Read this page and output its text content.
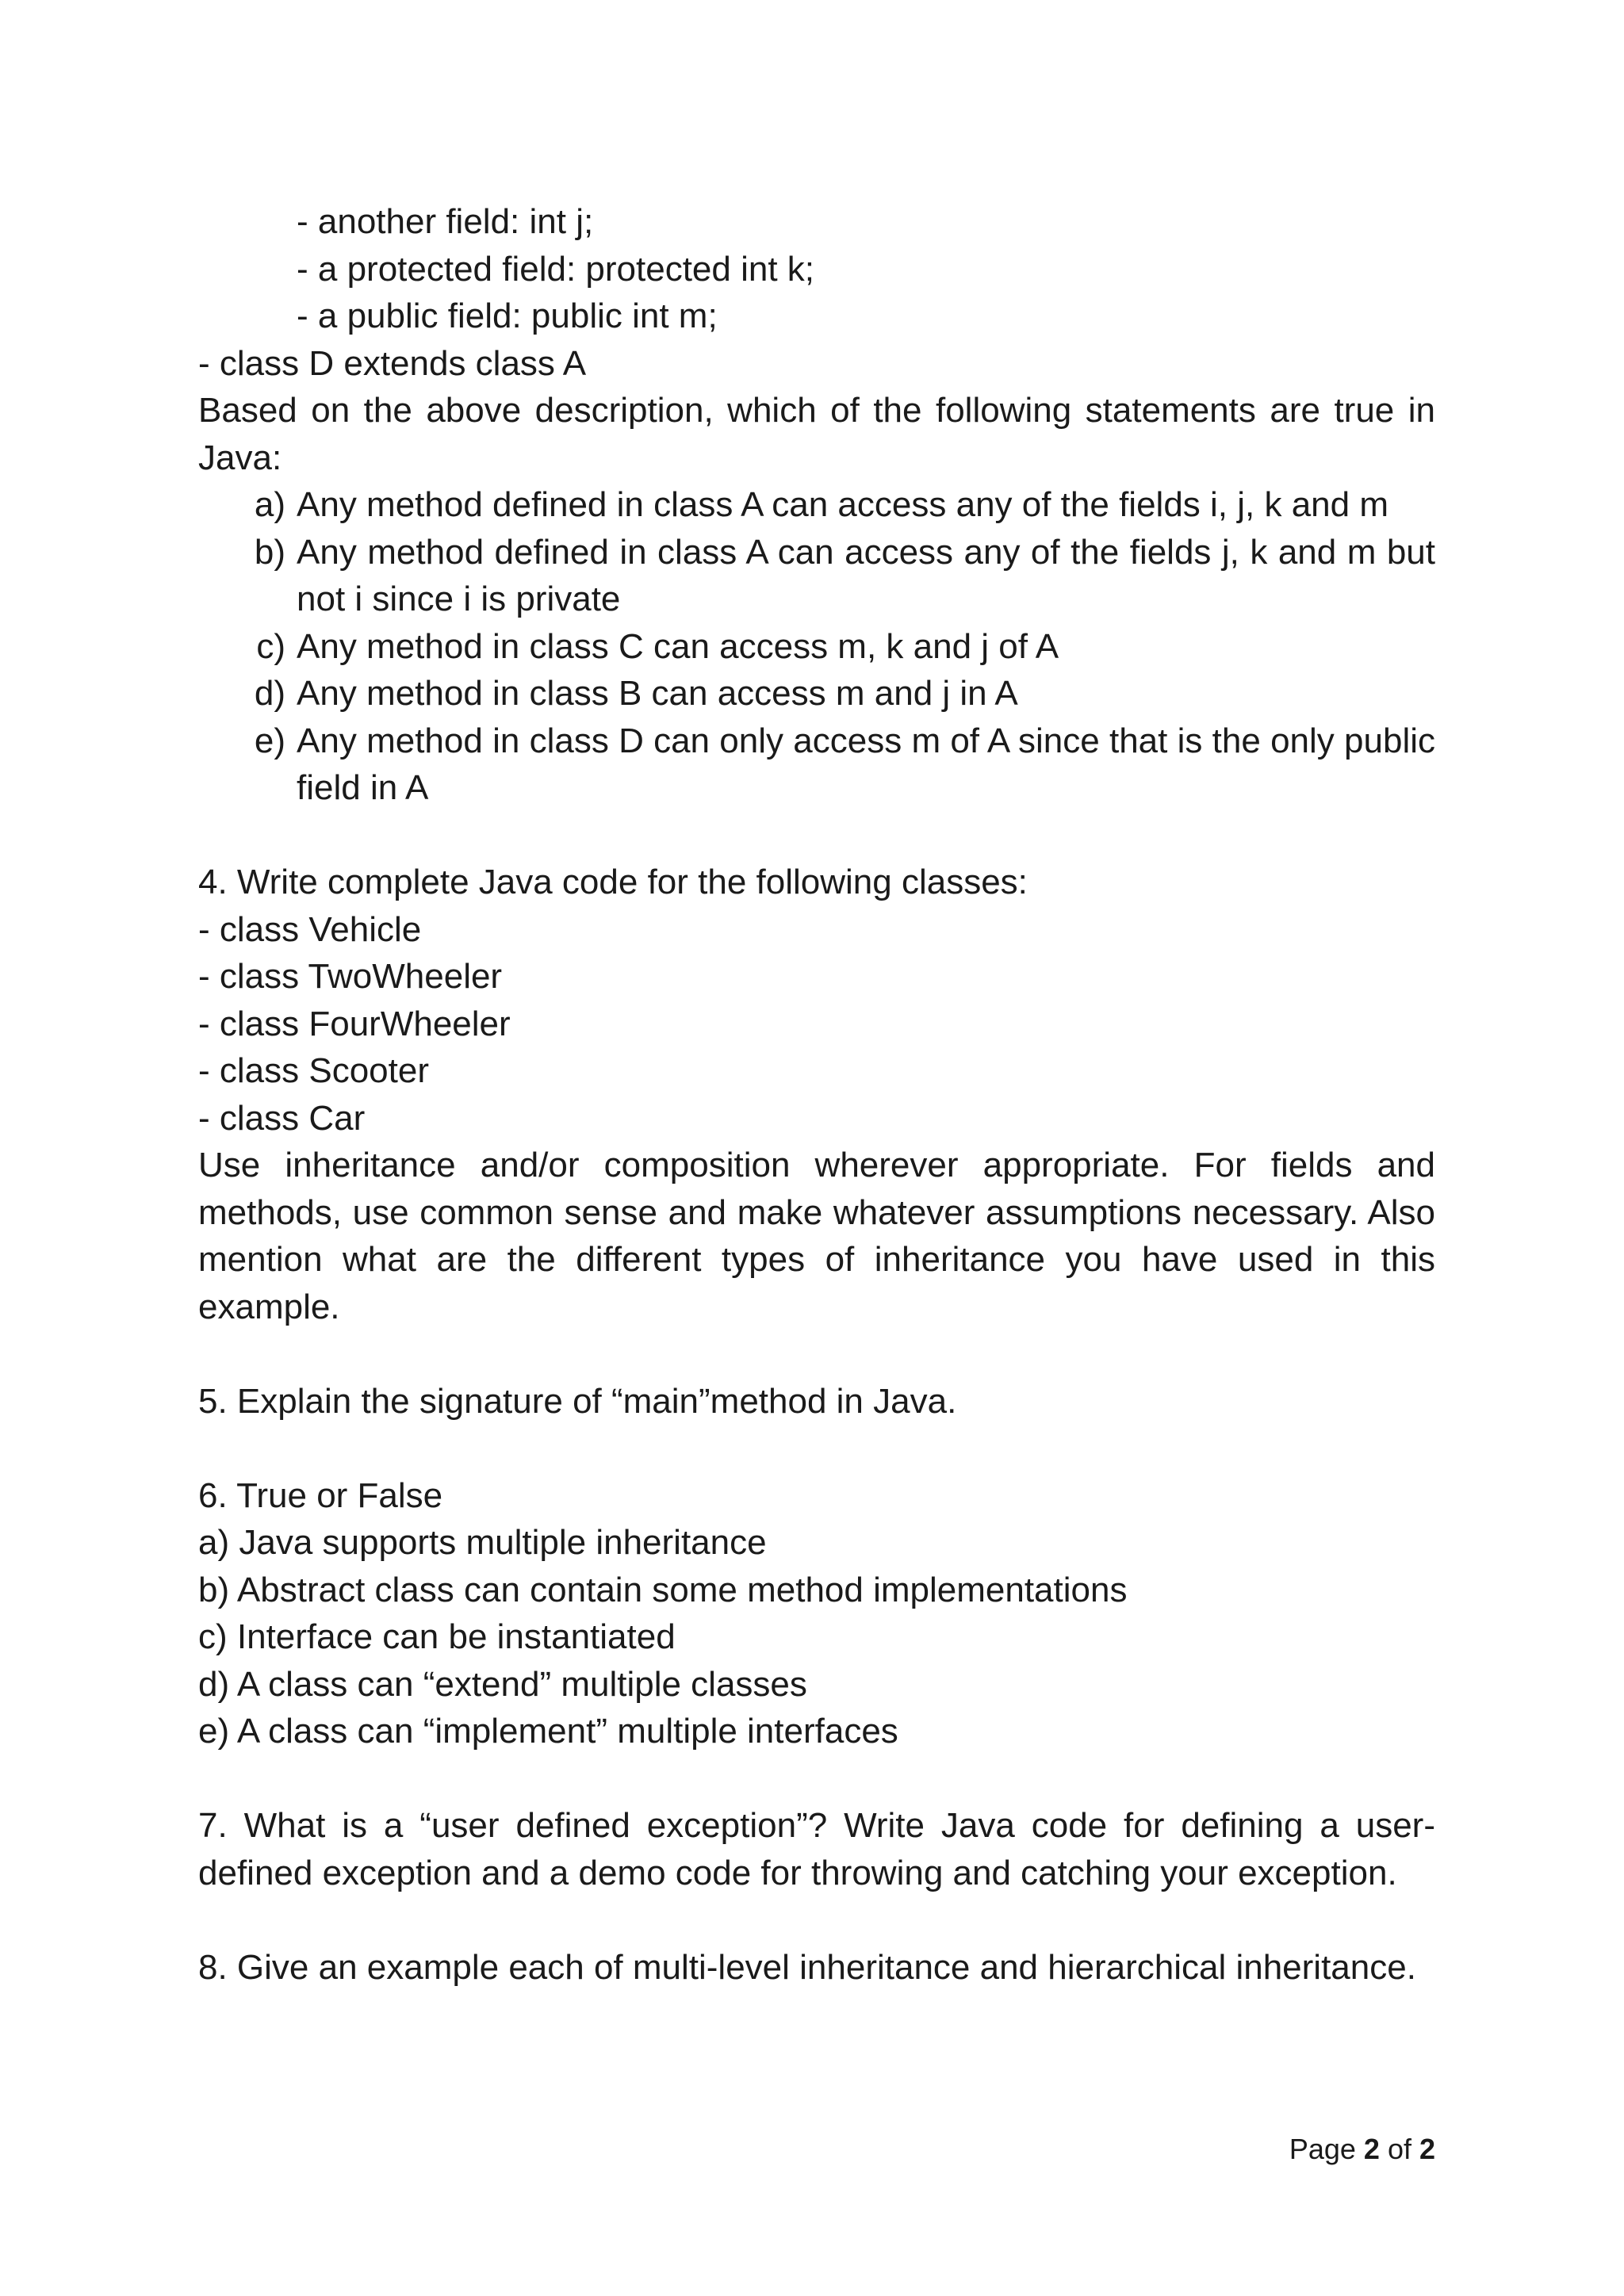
- another field: int j;
- a protected field: protected int k;
- a public field: public int m;
- class D extends class A
Based on the above description, which of the following statements are true in
Java:
a) Any method defined in class A can access any of the fields i, j, k and m
b) Any method defined in class A can access any of the fields j, k and m but
not i since i is private
c) Any method in class C can access m, k and j of A
d) Any method in class B can access m and j in A
e) Any method in class D can only access m of A since that is the only public
field in A
4. Write complete Java code for the following classes:
- class Vehicle
- class TwoWheeler
- class FourWheeler
- class Scooter
- class Car
Use inheritance and/or composition wherever appropriate. For fields and
methods, use common sense and make whatever assumptions necessary. Also
mention what are the different types of inheritance you have used in this
example.
5. Explain the signature of “main”method in Java.
6. True or False
a) Java supports multiple inheritance
b) Abstract class can contain some method implementations
c) Interface can be instantiated
d) A class can “extend” multiple classes
e) A class can “implement” multiple interfaces
7. What is a “user defined exception”? Write Java code for defining a user-
defined exception and a demo code for throwing and catching your exception.
8. Give an example each of multi-level inheritance and hierarchical inheritance.
Page 2 of 2
